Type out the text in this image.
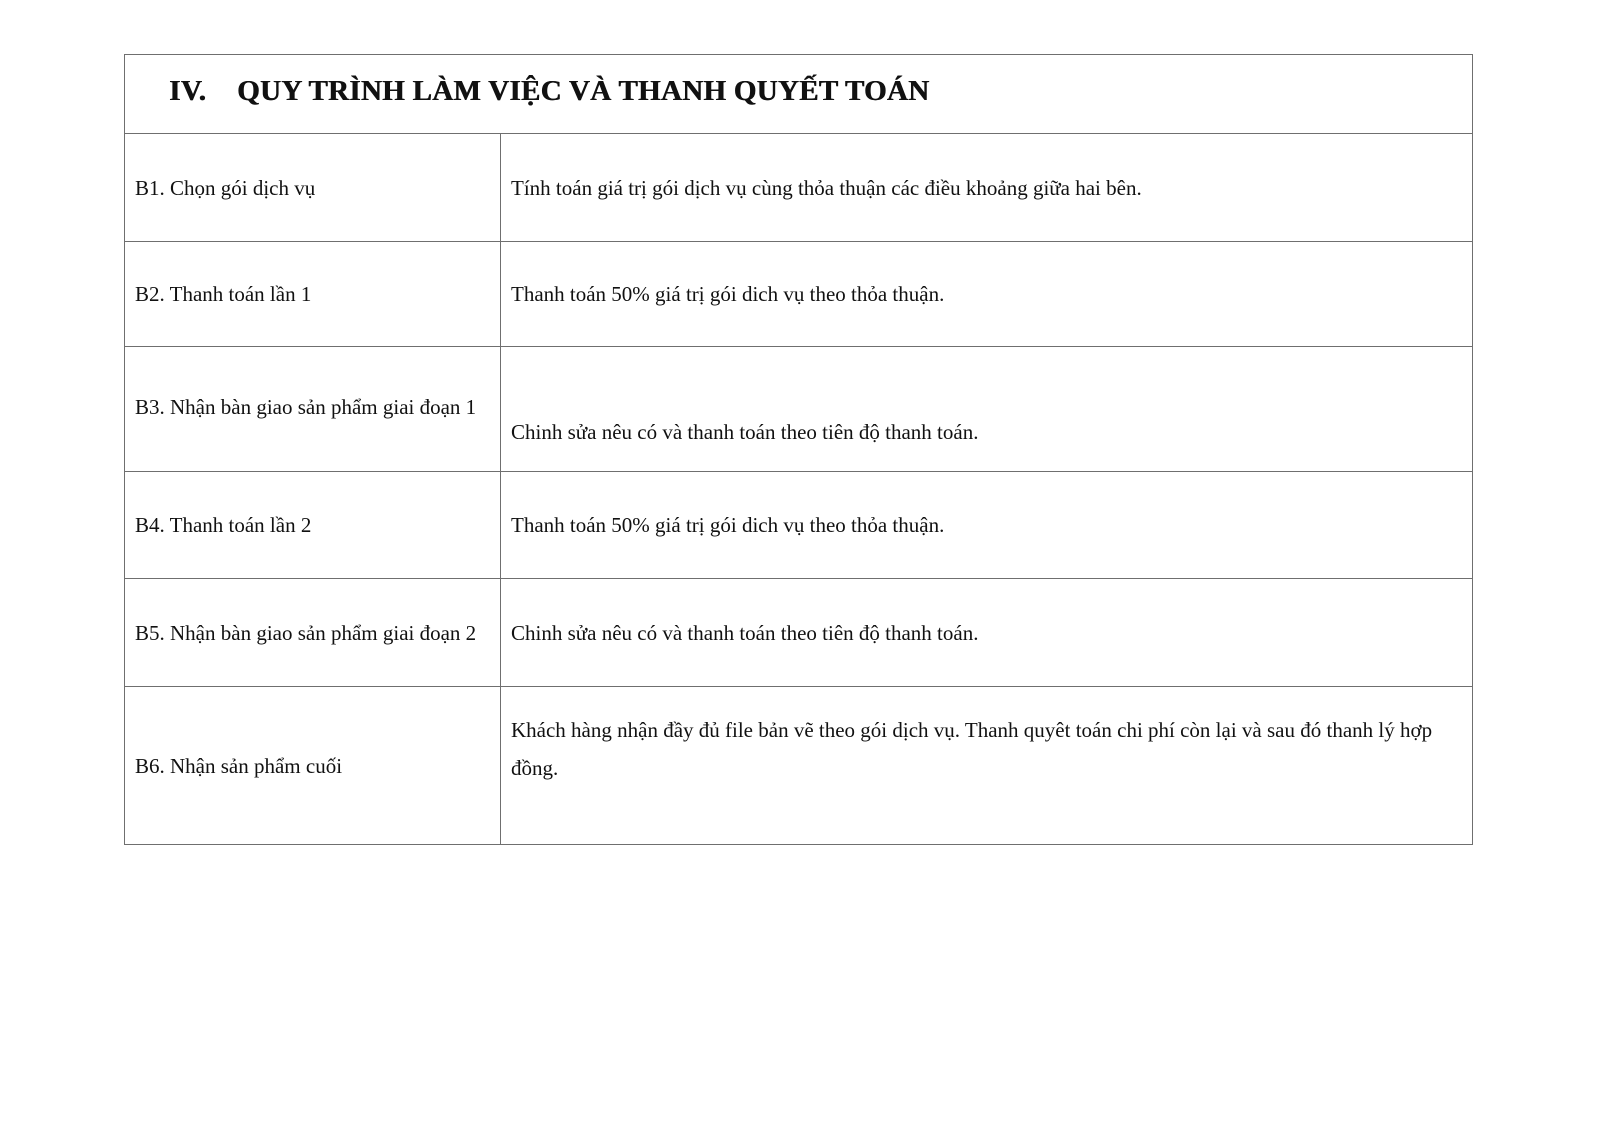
IV. QUY TRÌNH LÀM VIỆC VÀ THANH QUYẾT TOÁN	

B1. Chọn gói dịch vụ	Tính toán giá trị gói dịch vụ cùng thỏa thuận các điều khoảng giữa hai bên.
B2. Thanh toán lần 1	Thanh toán 50% giá trị gói dich vụ theo thỏa thuận.
B3. Nhận bàn giao sản phẩm giai đoạn 1	Chinh sửa nêu có và thanh toán theo tiên độ thanh toán.
B4. Thanh toán lần 2	Thanh toán 50% giá trị gói dich vụ theo thỏa thuận.
B5. Nhận bàn giao sản phẩm giai đoạn 2	Chinh sửa nêu có và thanh toán theo tiên độ thanh toán.
B6. Nhận sản phẩm cuối	Khách hàng nhận đầy đủ file bản vẽ theo gói dịch vụ. Thanh quyêt toán chi phí còn lại và sau đó thanh lý hợp đồng.
